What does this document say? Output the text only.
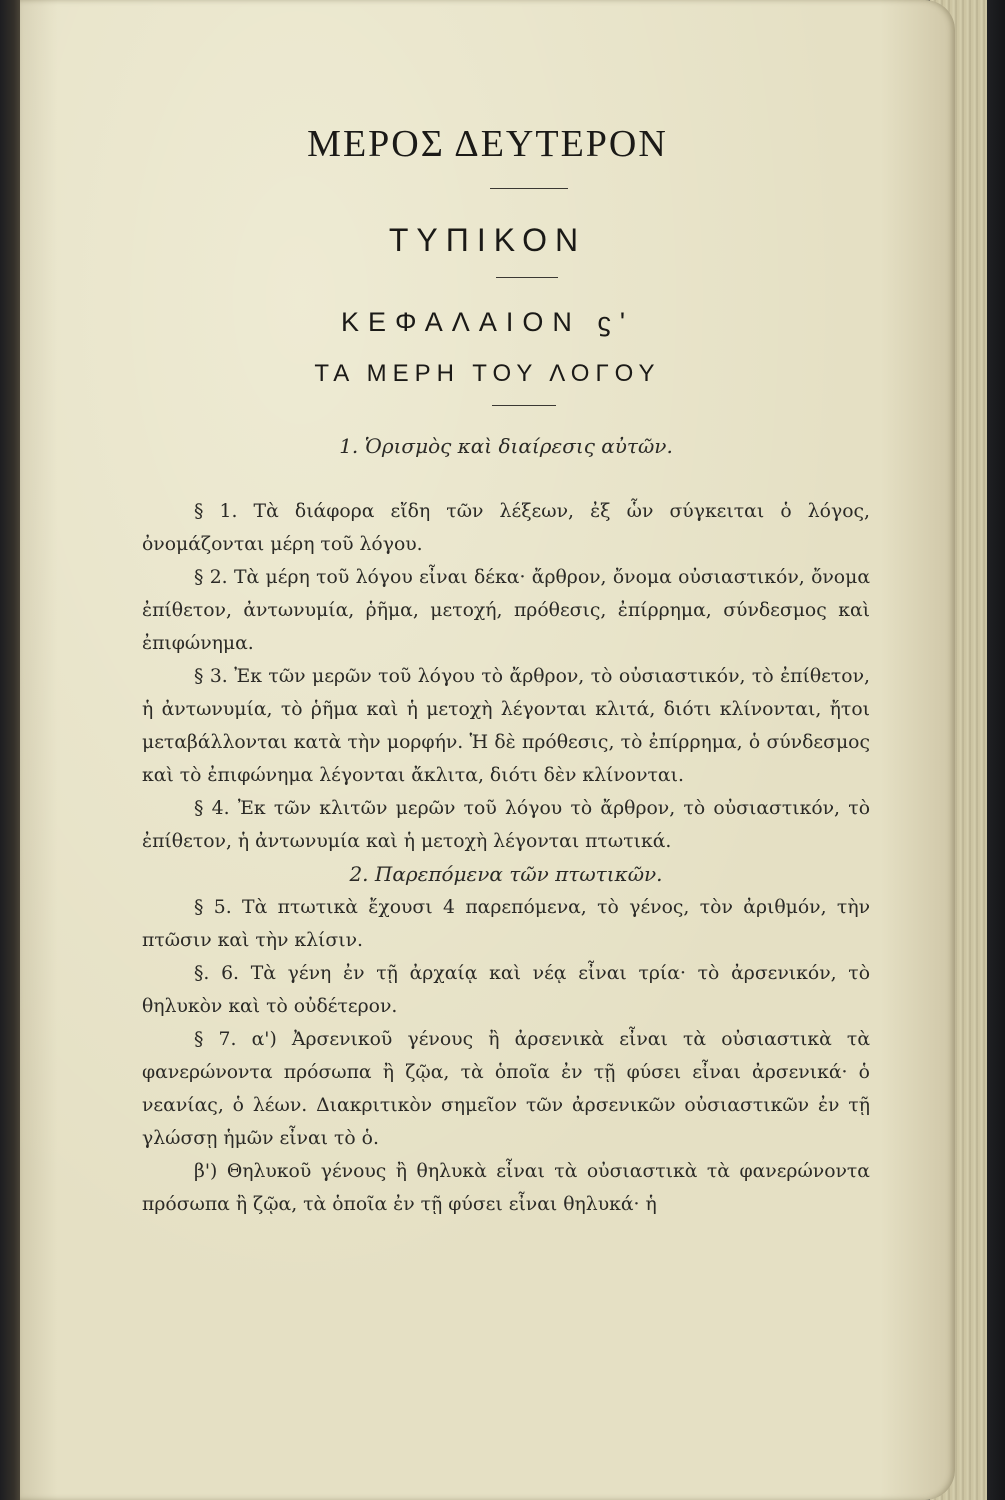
ΜΕΡΟΣ ΔΕΥΤΕΡΟΝ
ΤΥΠΙΚΟΝ
ΚΕΦΑΛΑΙΟΝ ϛ'
ΤΑ ΜΕΡΗ ΤΟΥ ΛΟΓΟΥ

1. Ὁρισμὸς καὶ διαίρεσις αὐτῶν.

§ 1. Τὰ διάφορα εἴδη τῶν λέξεων, ἐξ ὧν σύγκειται ὁ λόγος, ὀνομάζονται μέρη τοῦ λόγου.

§ 2. Τὰ μέρη τοῦ λόγου εἶναι δέκα· ἄρθρον, ὄνομα οὐσιαστικόν, ὄνομα ἐπίθετον, ἀντωνυμία, ῥῆμα, μετοχή, πρόθεσις, ἐπίρρημα, σύνδεσμος καὶ ἐπιφώνημα.

§ 3. Ἐκ τῶν μερῶν τοῦ λόγου τὸ ἄρθρον, τὸ οὐσιαστικόν, τὸ ἐπίθετον, ἡ ἀντωνυμία, τὸ ῥῆμα καὶ ἡ μετοχὴ λέγονται κλιτά, διότι κλίνονται, ἤτοι μεταβάλλονται κατὰ τὴν μορφήν. Ἡ δὲ πρόθεσις, τὸ ἐπίρρημα, ὁ σύνδεσμος καὶ τὸ ἐπιφώνημα λέγονται ἄκλιτα, διότι δὲν κλίνονται.

§ 4. Ἐκ τῶν κλιτῶν μερῶν τοῦ λόγου τὸ ἄρθρον, τὸ οὐσιαστικόν, τὸ ἐπίθετον, ἡ ἀντωνυμία καὶ ἡ μετοχὴ λέγονται πτωτικά.

2. Παρεπόμενα τῶν πτωτικῶν.

§ 5. Τὰ πτωτικὰ ἔχουσι 4 παρεπόμενα, τὸ γένος, τὸν ἀριθμόν, τὴν πτῶσιν καὶ τὴν κλίσιν.

§. 6. Τὰ γένη ἐν τῇ ἀρχαίᾳ καὶ νέᾳ εἶναι τρία· τὸ ἀρσενικόν, τὸ θηλυκὸν καὶ τὸ οὐδέτερον.

§ 7. α') Ἀρσενικοῦ γένους ἢ ἀρσενικὰ εἶναι τὰ οὐσιαστικὰ τὰ φανερώνοντα πρόσωπα ἢ ζῷα, τὰ ὁποῖα ἐν τῇ φύσει εἶναι ἀρσενικά· ὁ νεανίας, ὁ λέων. Διακριτικὸν σημεῖον τῶν ἀρσενικῶν οὐσιαστικῶν ἐν τῇ γλώσσῃ ἡμῶν εἶναι τὸ ὁ.

β') Θηλυκοῦ γένους ἢ θηλυκὰ εἶναι τὰ οὐσιαστικὰ τὰ φανερώνοντα πρόσωπα ἢ ζῷα, τὰ ὁποῖα ἐν τῇ φύσει εἶναι θηλυκά· ἡ
